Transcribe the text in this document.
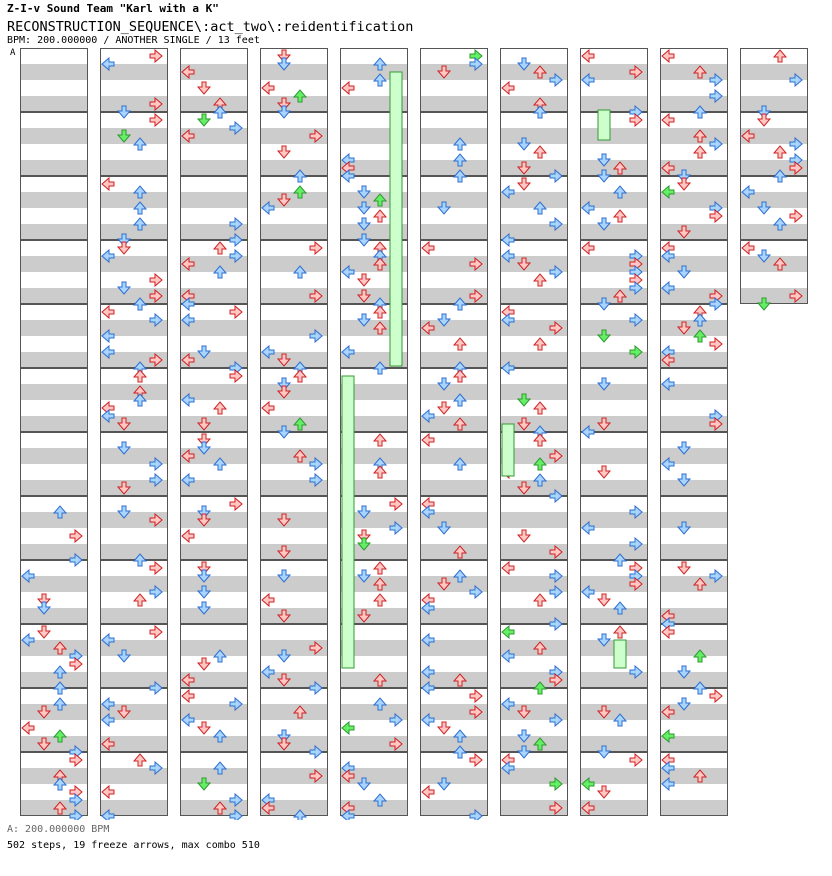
Z-I-v Sound Team "Karl with a K"
RECONSTRUCTION_SEQUENCE\:act_two\:reidentification
BPM: 200.000000 / ANOTHER SINGLE / 13 feet
A
A: 200.000000 BPM
502 steps, 19 freeze arrows, max combo 510
